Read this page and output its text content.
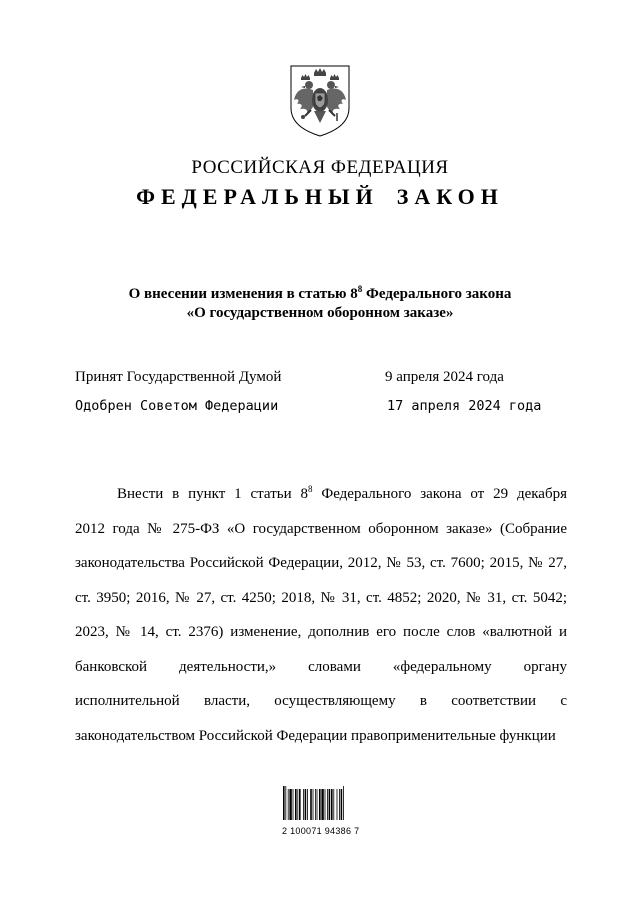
РОССИЙСКАЯ ФЕДЕРАЦИЯ
ФЕДЕРАЛЬНЫЙ ЗАКОН
О внесении изменения в статью $8^8$ Федерального закона
«О государственном оборонном заказе»
Принят Государственной Думой	9 апреля 2024 года
Одобрен Советом Федерации	17 апреля 2024 года
Внести в пункт 1 статьи $8^8$ Федерального закона от 29 декабря
2012 года № 275-ФЗ «О государственном оборонном заказе» (Собрание
законодательства Российской Федерации, 2012, № 53, ст. 7600; 2015, № 27,
ст. 3950; 2016, № 27, ст. 4250; 2018, № 31, ст. 4852; 2020, № 31, ст. 5042;
2023, № 14, ст. 2376) изменение, дополнив его после слов «валютной и
банковской деятельности,» словами «федеральному органу
исполнительной власти, осуществляющему в соответствии с
законодательством Российской Федерации правоприменительные функции
2 100071 94386 7
